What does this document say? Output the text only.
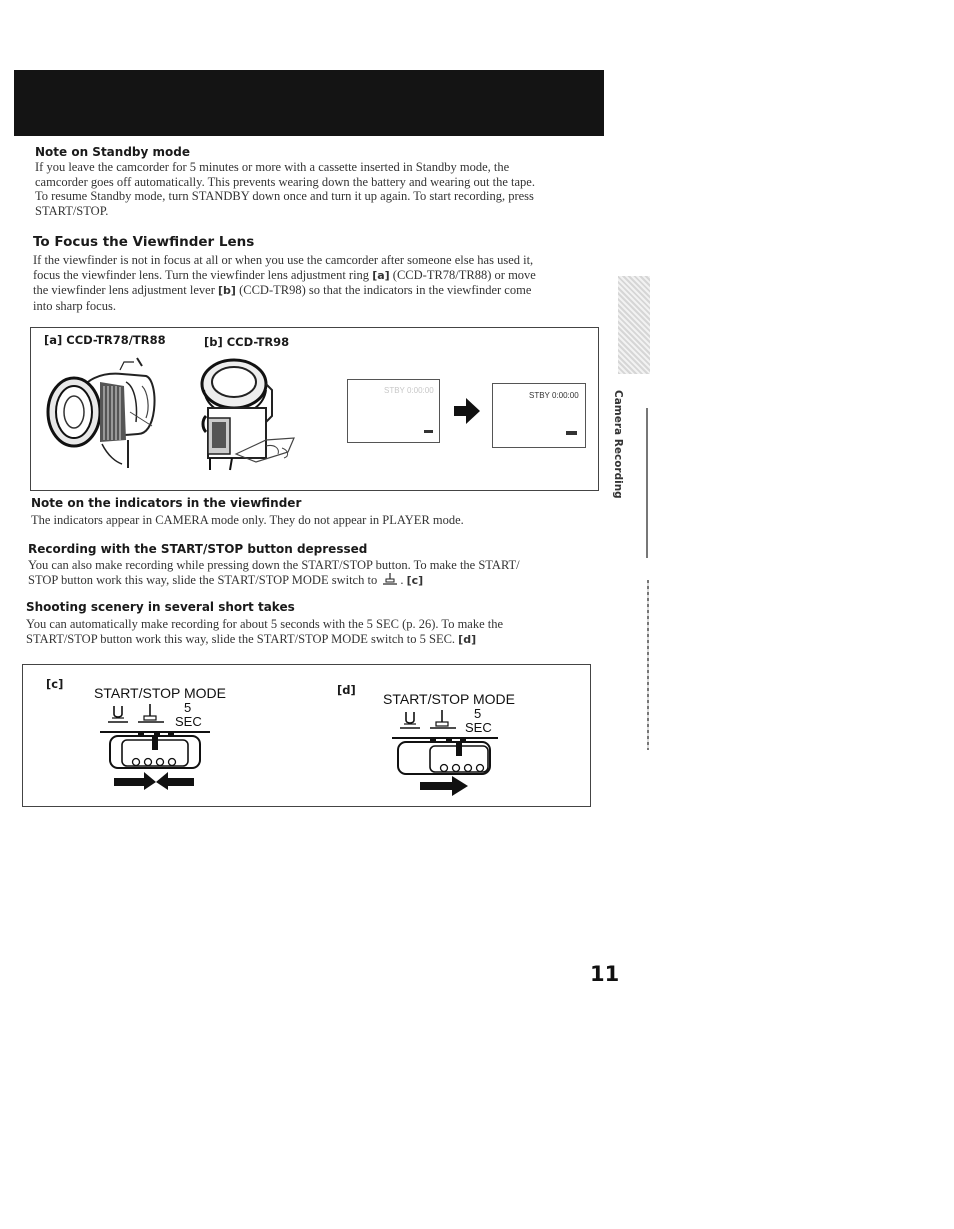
Note on Standby mode
If you leave the camcorder for 5 minutes or more with a cassette inserted in Standby mode, the
camcorder goes off automatically. This prevents wearing down the battery and wearing out the tape.
To resume Standby mode, turn STANDBY down once and turn it up again. To start recording, press
START/STOP.
To Focus the Viewfinder Lens
If the viewfinder is not in focus at all or when you use the camcorder after someone else has used it,
focus the viewfinder lens. Turn the viewfinder lens adjustment ring [a] (CCD-TR78/TR88) or move
the viewfinder lens adjustment lever [b] (CCD-TR98) so that the indicators in the viewfinder come
into sharp focus.
[a] CCD-TR78/TR88	[b] CCD-TR98
STBY 0:00:00
STBY 0:00:00
Note on the indicators in the viewfinder
The indicators appear in CAMERA mode only. They do not appear in PLAYER mode.
Recording with the START/STOP button depressed
You can also make recording while pressing down the START/STOP button. To make the START/
STOP button work this way, slide the START/STOP MODE switch to . [c]
Shooting scenery in several short takes
You can automatically make recording for about 5 seconds with the 5 SEC (p. 26). To make the
START/STOP button work this way, slide the START/STOP MODE switch to 5 SEC. [d]
[c]
START/STOP MODE	[d]
START/STOP MODE
5
SEC
5
SEC
Camera Recording
11
